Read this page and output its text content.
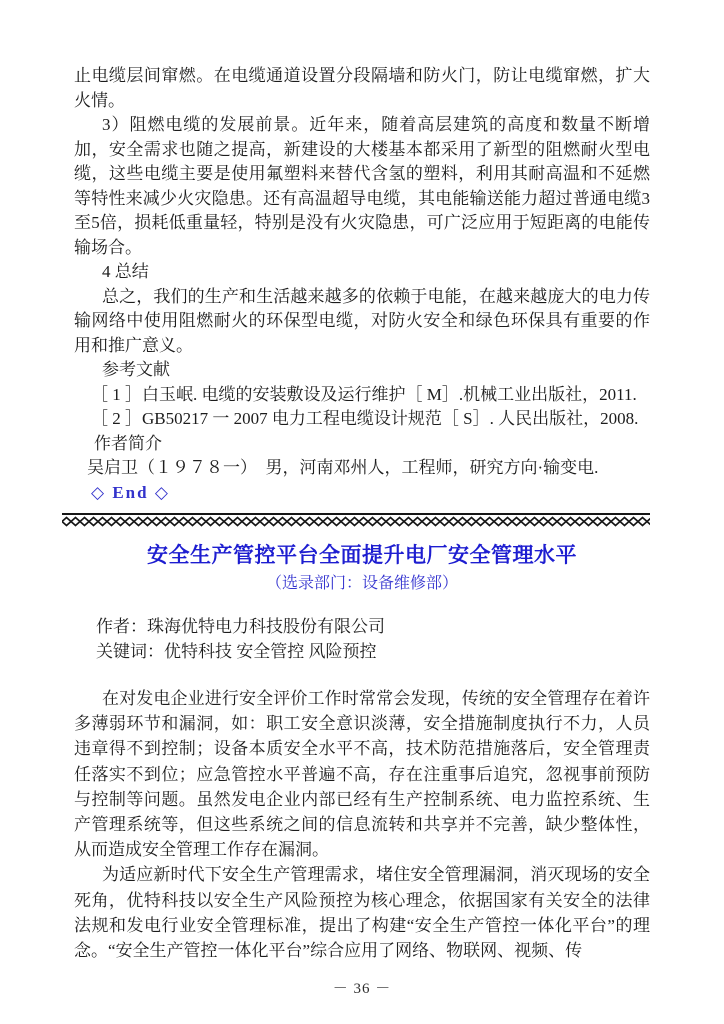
止电缆层间窜燃。在电缆通道设置分段隔墙和防火门，防让电缆窜燃，扩大火情。

3）阻燃电缆的发展前景。近年来，随着高层建筑的高度和数量不断增加，安全需求也随之提高，新建设的大楼基本都采用了新型的阻燃耐火型电缆，这些电缆主要是使用氟塑料来替代含氢的塑料，利用其耐高温和不延燃等特性来减少火灾隐患。还有高温超导电缆，其电能输送能力超过普通电缆3至5倍，损耗低重量轻，特别是没有火灾隐患，可广泛应用于短距离的电能传输场合。

4 总结

总之，我们的生产和生活越来越多的依赖于电能，在越来越庞大的电力传输网络中使用阻燃耐火的环保型电缆，对防火安全和绿色环保具有重要的作用和推广意义。

参考文献

［ 1 ］白玉岷. 电缆的安装敷设及运行维护［ M］.机械工业出版社，2011.

［ 2 ］GB50217 一 2007 电力工程电缆设计规范［ S］. 人民出版社，2008.

作者简介

吴启卫（１９７８一）　男，河南邓州人，工程师，研究方向·输变电.

◇ End ◇

安全生产管控平台全面提升电厂安全管理水平

（选录部门：设备维修部）

作者：珠海优特电力科技股份有限公司

关键词：优特科技 安全管控 风险预控

在对发电企业进行安全评价工作时常常会发现，传统的安全管理存在着许多薄弱环节和漏洞，如：职工安全意识淡薄，安全措施制度执行不力，人员违章得不到控制；设备本质安全水平不高，技术防范措施落后，安全管理责任落实不到位；应急管控水平普遍不高，存在注重事后追究，忽视事前预防与控制等问题。虽然发电企业内部已经有生产控制系统、电力监控系统、生产管理系统等，但这些系统之间的信息流转和共享并不完善，缺少整体性，从而造成安全管理工作存在漏洞。

为适应新时代下安全生产管理需求，堵住安全管理漏洞，消灭现场的安全死角，优特科技以安全生产风险预控为核心理念，依据国家有关安全的法律法规和发电行业安全管理标准，提出了构建“安全生产管控一体化平台”的理念。“安全生产管控一体化平台”综合应用了网络、物联网、视频、传

－ 36 －
